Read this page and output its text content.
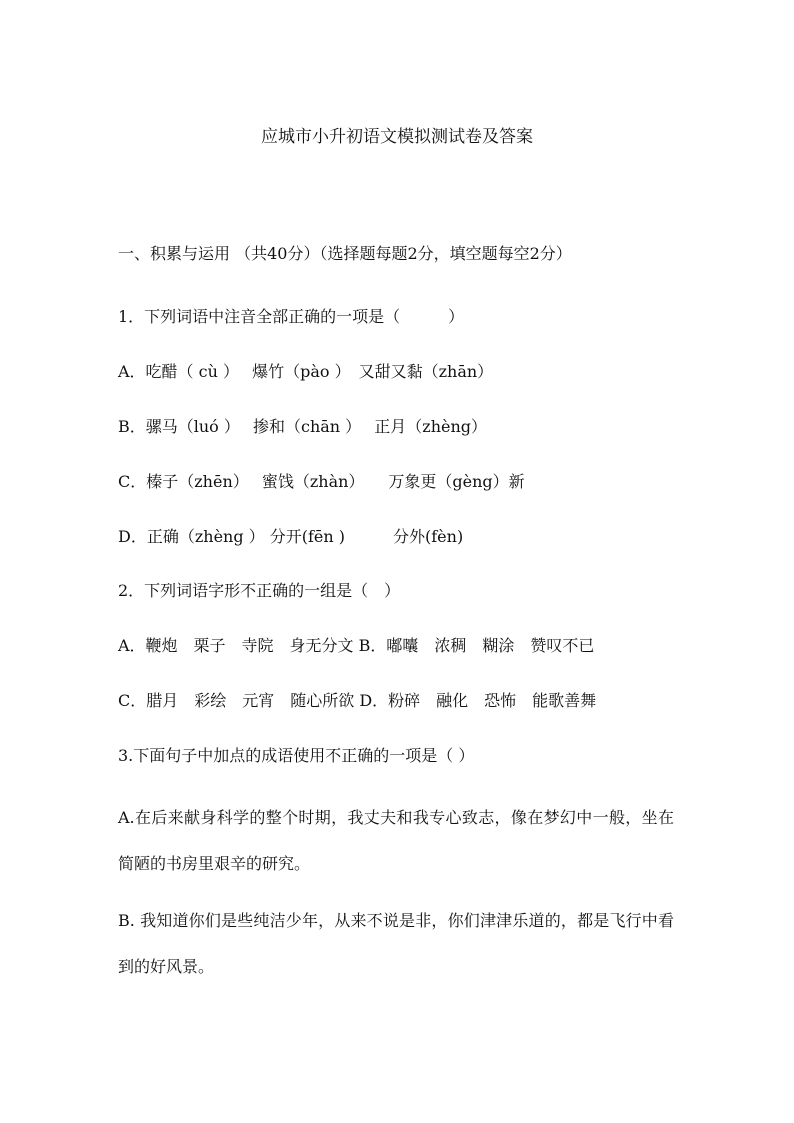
应城市小升初语文模拟测试卷及答案

一、积累与运用 （共40分）（选择题每题2分，填空题每空2分）

1．下列词语中注音全部正确的一项是（　　　）

A．吃醋（ cù ）　 爆竹（pào ）　又甜又黏（zhān）

B．骡马（luó ）　 掺和（chān ）　 正月（zhèng）

C．榛子（zhēn）　 蜜饯（zhàn）　　万象更（gèng）新

D．正确（zhèng ） 分开(fēn )　　　分外(fèn)

2．下列词语字形不正确的一组是（　）

A．鞭炮　栗子　寺院　身无分文 B．嘟囔　浓稠　糊涂　赞叹不已

C．腊月　彩绘　元宵　随心所欲 D．粉碎　融化　恐怖　能歌善舞

3.下面句子中加点的成语使用不正确的一项是（ ）

A.在后来献身科学的整个时期，我丈夫和我专心致志，像在梦幻中一般，坐在简陋的书房里艰辛的研究。

B. 我知道你们是些纯洁少年，从来不说是非，你们津津乐道的，都是飞行中看到的好风景。
